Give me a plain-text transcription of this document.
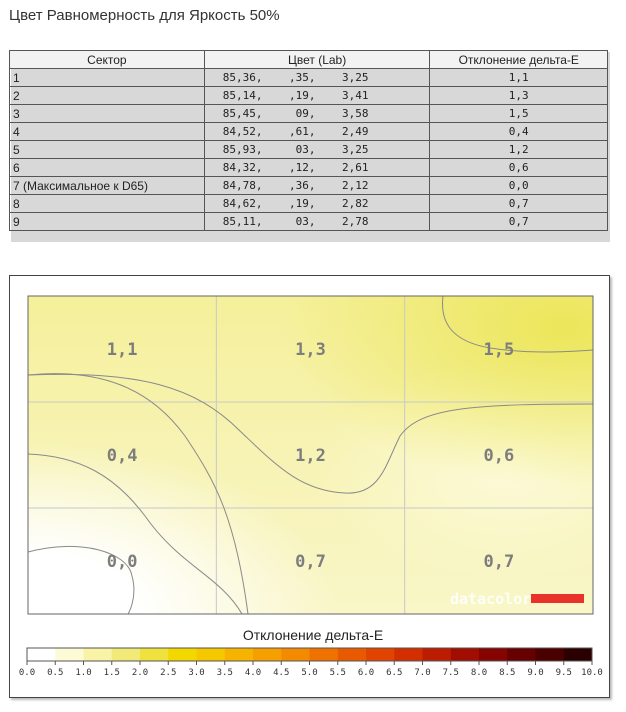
Цвет Равномерность для Яркость 50%
Сектор	Цвет (Lab)	Отклонение дельта-E
1	85,36,    ,35,    3,25	1,1
2	85,14,    ,19,    3,41	1,3
3	85,45,     09,    3,58	1,5
4	84,52,    ,61,    2,49	0,4
5	85,93,     03,    3,25	1,2
6	84,32,    ,12,    2,61	0,6
7 (Максимальное к D65)	84,78,    ,36,    2,12	0,0
8	84,62,    ,19,    2,82	0,7
9	85,11,     03,    2,78	0,7
1,1	1,3	1,5
0,4	1,2	0,6
0,0	0,7	0,7
datacolor
Отклонение дельта-E
0.0 0.5 1.0 1.5 2.0 2.5 3.0 3.5 4.0 4.5 5.0 5.5 6.0 6.5 7.0 7.5 8.0 8.5 9.0 9.5 10.0
